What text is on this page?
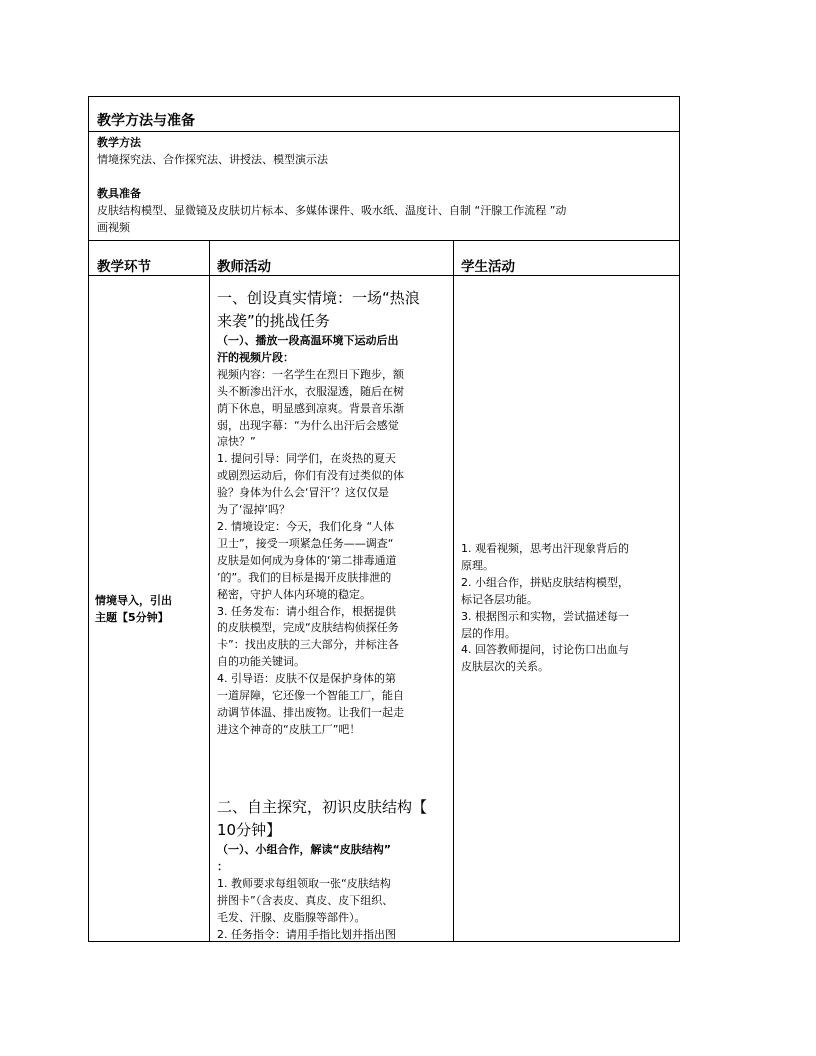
教学方法与准备
教学方法
情境探究法、合作探究法、讲授法、模型演示法
教具准备
皮肤结构模型、显微镜及皮肤切片标本、多媒体课件、吸水纸、温度计、自制 “汗腺工作流程 ”动
画视频
教学环节	教师活动	学生活动
情境导入，引出
主题【5分钟】
一、创设真实情境：一场“热浪
来袭”的挑战任务
（一）、播放一段高温环境下运动后出
汗的视频片段：
视频内容：一名学生在烈日下跑步，额
头不断渗出汗水，衣服湿透，随后在树
荫下休息，明显感到凉爽。背景音乐渐
弱，出现字幕：“为什么出汗后会感觉
凉快？”
1. 提问引导：同学们，在炎热的夏天
或剧烈运动后，你们有没有过类似的体
验？身体为什么会‘冒汗’？这仅仅是
为了‘湿掉’吗？
2. 情境设定：今天，我们化身 “人体
卫士”，接受一项紧急任务——调查“
皮肤是如何成为身体的‘第二排毒通道
’的”。我们的目标是揭开皮肤排泄的
秘密，守护人体内环境的稳定。
3. 任务发布：请小组合作，根据提供
的皮肤模型，完成“皮肤结构侦探任务
卡”：找出皮肤的三大部分，并标注各
自的功能关键词。
4. 引导语：皮肤不仅是保护身体的第
一道屏障，它还像一个智能工厂，能自
动调节体温、排出废物。让我们一起走
进这个神奇的“皮肤工厂”吧！
二、自主探究，初识皮肤结构【
10分钟】
（一）、小组合作，解读“皮肤结构”
：
1. 教师要求每组领取一张“皮肤结构
拼图卡”（含表皮、真皮、皮下组织、
毛发、汗腺、皮脂腺等部件）。
2. 任务指令：请用手指比划并指出图
1. 观看视频，思考出汗现象背后的
原理。
2. 小组合作，拼贴皮肤结构模型，
标记各层功能。
3. 根据图示和实物，尝试描述每一
层的作用。
4. 回答教师提问，讨论伤口出血与
皮肤层次的关系。
